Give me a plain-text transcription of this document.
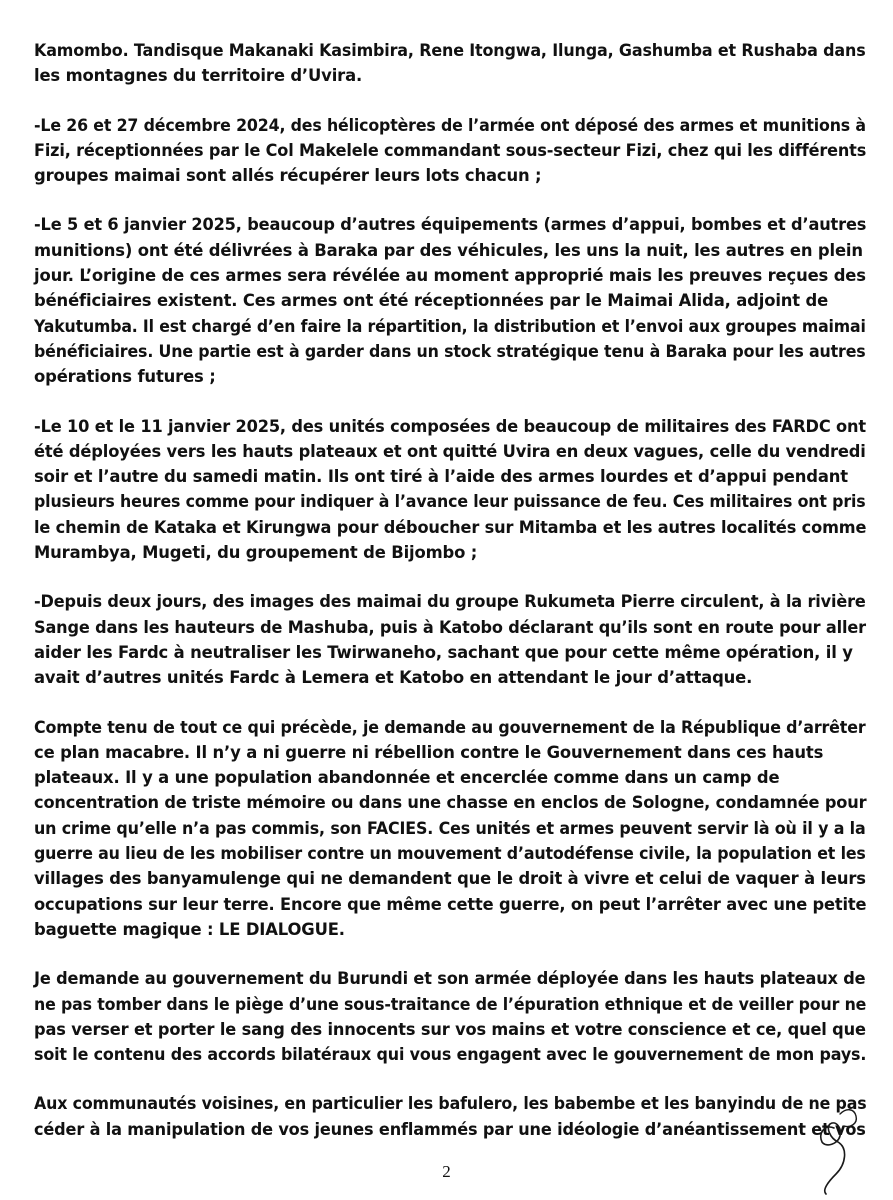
Kamombo. Tandisque Makanaki Kasimbira, Rene Itongwa, Ilunga, Gashumba et Rushaba dans
les montagnes du territoire d’Uvira.

-Le 26 et 27 décembre 2024, des hélicoptères de l’armée ont déposé des armes et munitions à
Fizi, réceptionnées par le Col Makelele commandant sous-secteur Fizi, chez qui les différents
groupes maimai sont allés récupérer leurs lots chacun ;

-Le 5 et 6 janvier 2025, beaucoup d’autres équipements (armes d’appui, bombes et d’autres
munitions) ont été délivrées à Baraka par des véhicules, les uns la nuit, les autres en plein
jour. L’origine de ces armes sera révélée au moment approprié mais les preuves reçues des
bénéficiaires existent. Ces armes ont été réceptionnées par le Maimai Alida, adjoint de
Yakutumba. Il est chargé d’en faire la répartition, la distribution et l’envoi aux groupes maimai
bénéficiaires. Une partie est à garder dans un stock stratégique tenu à Baraka pour les autres
opérations futures ;

-Le 10 et le 11 janvier 2025, des unités composées de beaucoup de militaires des FARDC ont
été déployées vers les hauts plateaux et ont quitté Uvira en deux vagues, celle du vendredi
soir et l’autre du samedi matin. Ils ont tiré à l’aide des armes lourdes et d’appui pendant
plusieurs heures comme pour indiquer à l’avance leur puissance de feu. Ces militaires ont pris
le chemin de Kataka et Kirungwa pour déboucher sur Mitamba et les autres localités comme
Murambya, Mugeti, du groupement de Bijombo ;

-Depuis deux jours, des images des maimai du groupe Rukumeta Pierre circulent, à la rivière
Sange dans les hauteurs de Mashuba, puis à Katobo déclarant qu’ils sont en route pour aller
aider les Fardc à neutraliser les Twirwaneho, sachant que pour cette même opération, il y
avait d’autres unités Fardc à Lemera et Katobo en attendant le jour d’attaque.

Compte tenu de tout ce qui précède, je demande au gouvernement de la République d’arrêter
ce plan macabre. Il n’y a ni guerre ni rébellion contre le Gouvernement dans ces hauts
plateaux. Il y a une population abandonnée et encerclée comme dans un camp de
concentration de triste mémoire ou dans une chasse en enclos de Sologne, condamnée pour
un crime qu’elle n’a pas commis, son FACIES. Ces unités et armes peuvent servir là où il y a la
guerre au lieu de les mobiliser contre un mouvement d’autodéfense civile, la population et les
villages des banyamulenge qui ne demandent que le droit à vivre et celui de vaquer à leurs
occupations sur leur terre. Encore que même cette guerre, on peut l’arrêter avec une petite
baguette magique : LE DIALOGUE.

Je demande au gouvernement du Burundi et son armée déployée dans les hauts plateaux de
ne pas tomber dans le piège d’une sous-traitance de l’épuration ethnique et de veiller pour ne
pas verser et porter le sang des innocents sur vos mains et votre conscience et ce, quel que
soit le contenu des accords bilatéraux qui vous engagent avec le gouvernement de mon pays.

Aux communautés voisines, en particulier les bafulero, les babembe et les banyindu de ne pas
céder à la manipulation de vos jeunes enflammés par une idéologie d’anéantissement et vos

2
